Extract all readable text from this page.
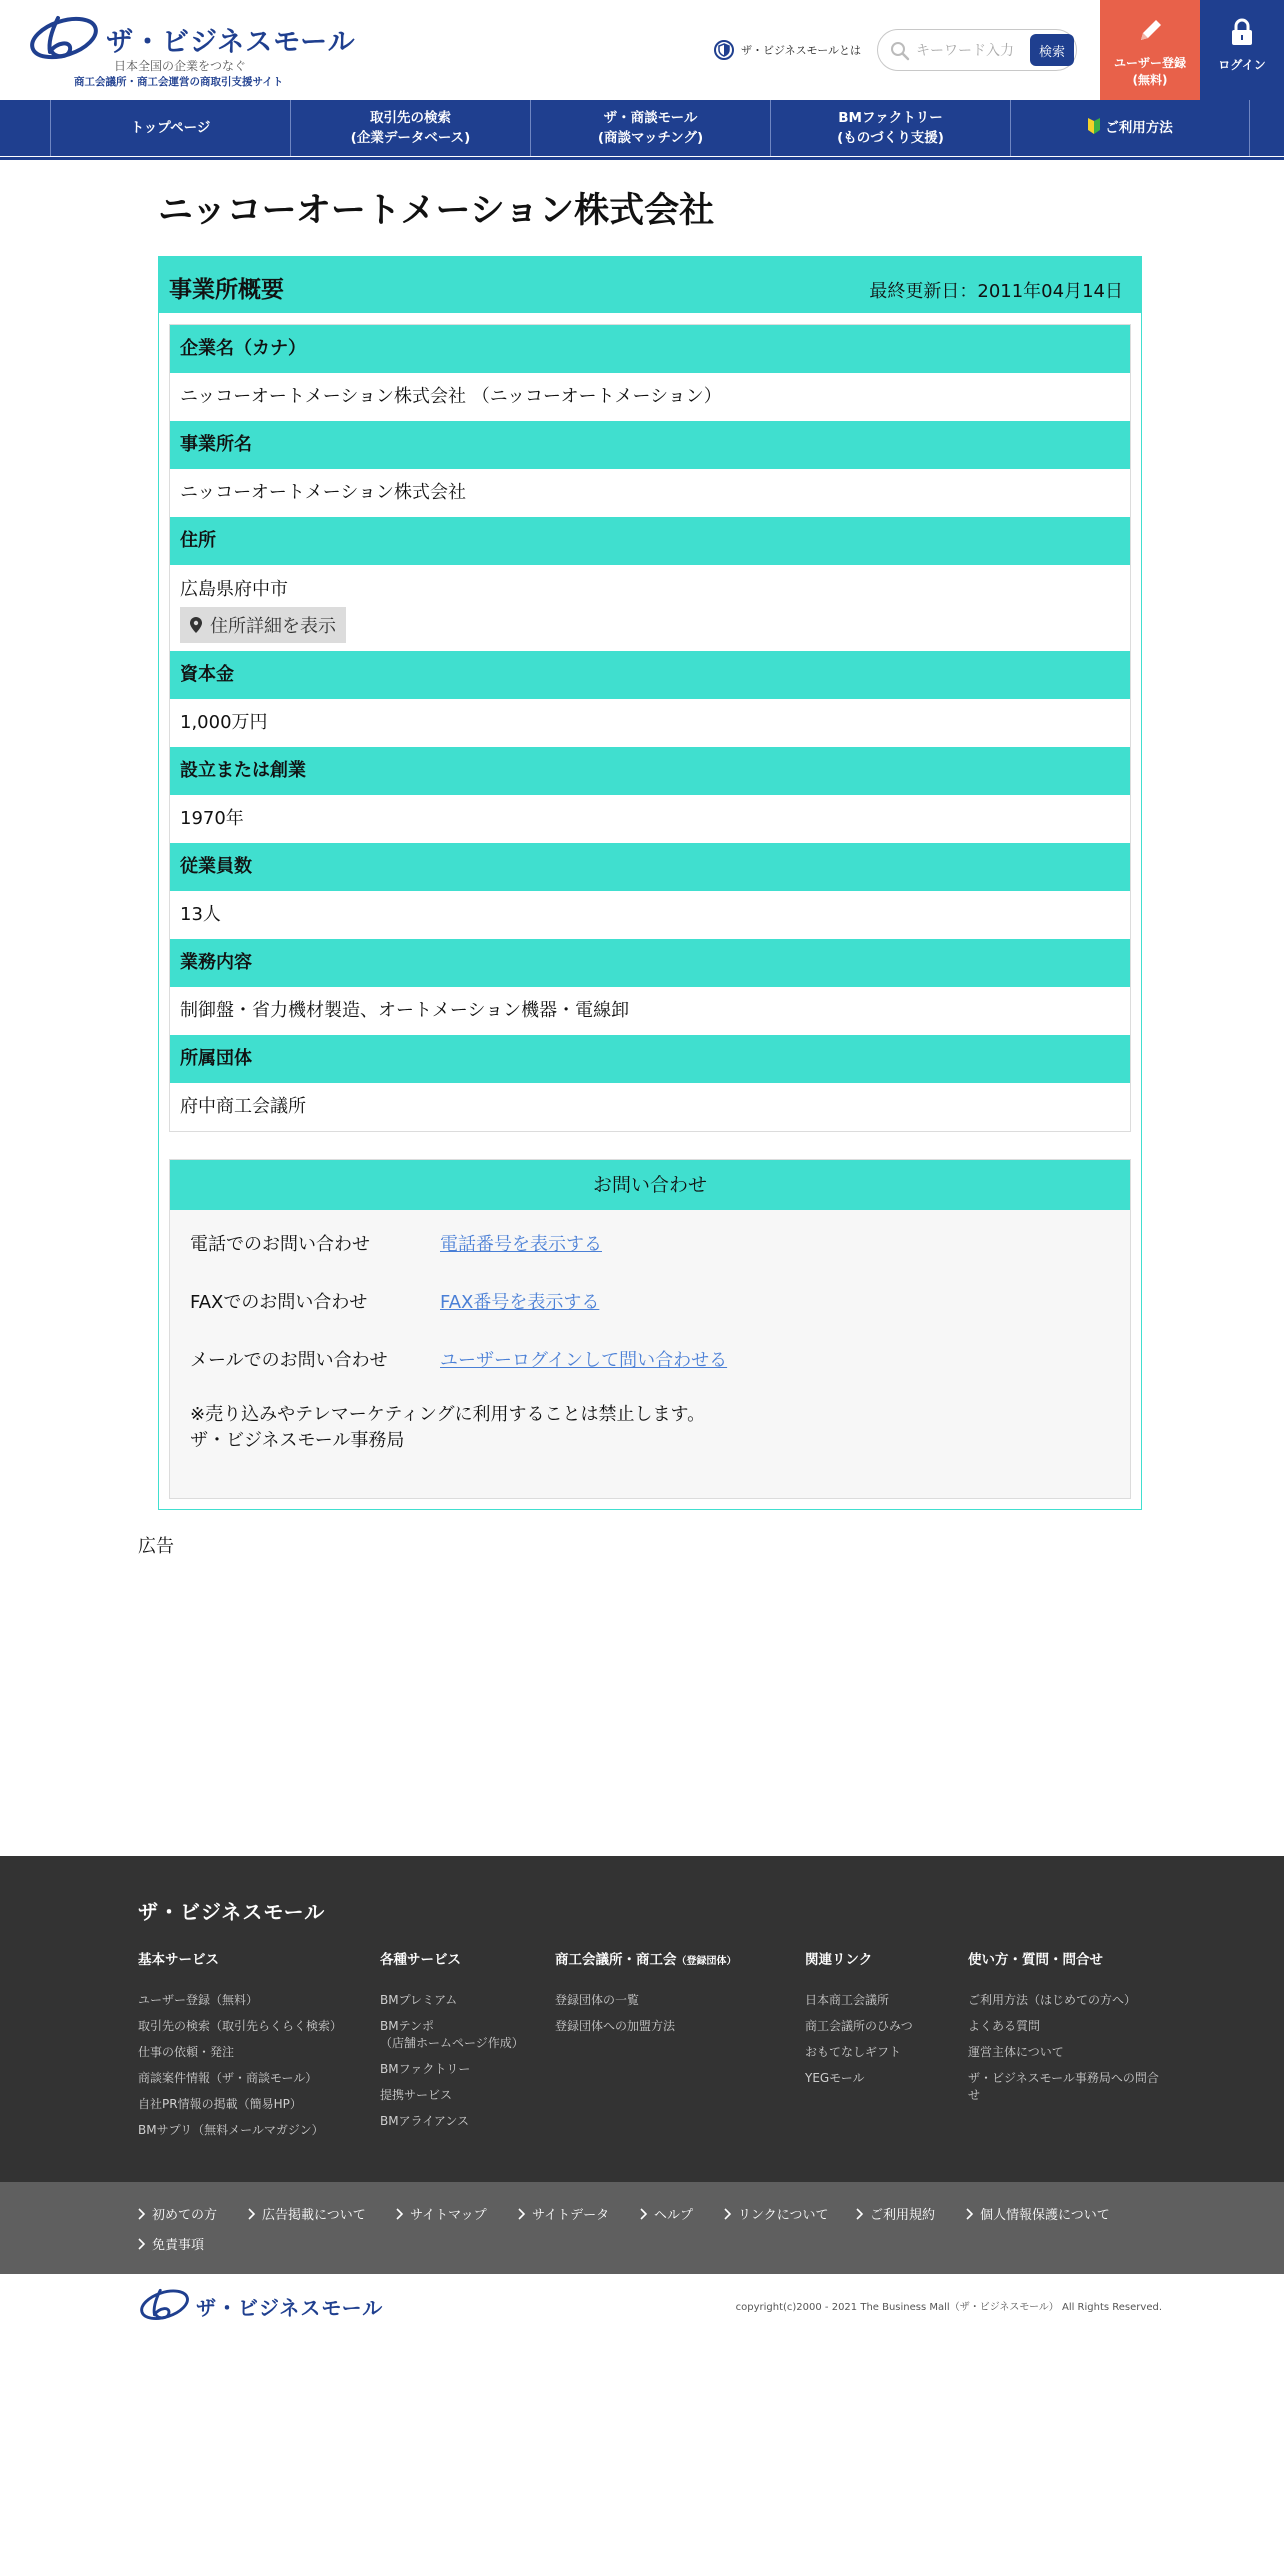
ザ・ビジネスモール
日本全国の企業をつなぐ
商工会議所・商工会運営の商取引支援サイト
ザ・ビジネスモールとは
キーワード入力	検索
ユーザー登録
(無料)
ログイン
トップページ
取引先の検索
(企業データベース)
ザ・商談モール
(商談マッチング)
BMファクトリー
(ものづくり支援)
ご利用方法
ニッコーオートメーション株式会社
事業所概要	最終更新日：2011年04月14日
企業名（カナ）
ニッコーオートメーション株式会社 （ニッコーオートメーション）
事業所名
ニッコーオートメーション株式会社
住所
広島県府中市
住所詳細を表示
資本金
1,000万円
設立または創業
1970年
従業員数
13人
業務内容
制御盤・省力機材製造、オートメーション機器・電線卸
所属団体
府中商工会議所
お問い合わせ
電話でのお問い合わせ	電話番号を表示する
FAXでのお問い合わせ	FAX番号を表示する
メールでのお問い合わせ	ユーザーログインして問い合わせる
※売り込みやテレマーケティングに利用することは禁止します。
ザ・ビジネスモール事務局
広告
ザ・ビジネスモール
基本サービス
ユーザー登録（無料）
取引先の検索（取引先らくらく検索）
仕事の依頼・発注
商談案件情報（ザ・商談モール）
自社PR情報の掲載（簡易HP）
BMサプリ（無料メールマガジン）
各種サービス
BMプレミアム
BMテンポ
（店舗ホームページ作成）
BMファクトリー
提携サービス
BMアライアンス
商工会議所・商工会（登録団体）
登録団体の一覧
登録団体への加盟方法
関連リンク
日本商工会議所
商工会議所のひみつ
おもてなしギフト
YEGモール
使い方・質問・問合せ
ご利用方法（はじめての方へ）
よくある質問
運営主体について
ザ・ビジネスモール事務局への問合
せ
初めての方	広告掲載について	サイトマップ	サイトデータ	ヘルプ	リンクについて	ご利用規約	個人情報保護について
免責事項
ザ・ビジネスモール	copyright(c)2000 - 2021 The Business Mall（ザ・ビジネスモール） All Rights Reserved.
